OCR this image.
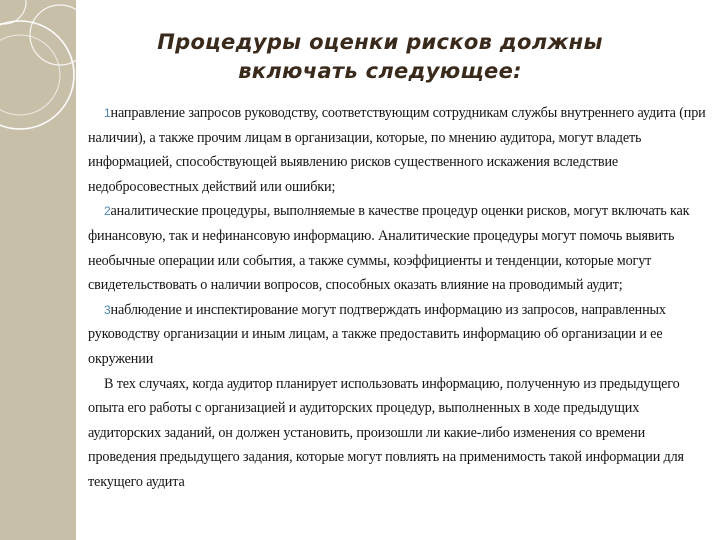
Процедуры оценки рисков должны
включать следующее:

1направление запросов руководству, соответствующим сотрудникам службы внутреннего аудита (при наличии), а также прочим лицам в организации, которые, по мнению аудитора, могут владеть информацией, способствующей выявлению рисков существенного искажения вследствие недобросовестных действий или ошибки;

2аналитические процедуры, выполняемые в качестве процедур оценки рисков, могут включать как финансовую, так и нефинансовую информацию. Аналитические процедуры могут помочь выявить необычные операции или события, а также суммы, коэффициенты и тенденции, которые могут свидетельствовать о наличии вопросов, способных оказать влияние на проводимый аудит;

3наблюдение и инспектирование могут подтверждать информацию из запросов, направленных руководству организации и иным лицам, а также предоставить информацию об организации и ее окружении

В тех случаях, когда аудитор планирует использовать информацию, полученную из предыдущего опыта его работы с организацией и аудиторских процедур, выполненных в ходе предыдущих аудиторских заданий, он должен установить, произошли ли какие-либо изменения со времени проведения предыдущего задания, которые могут повлиять на применимость такой информации для текущего аудита
